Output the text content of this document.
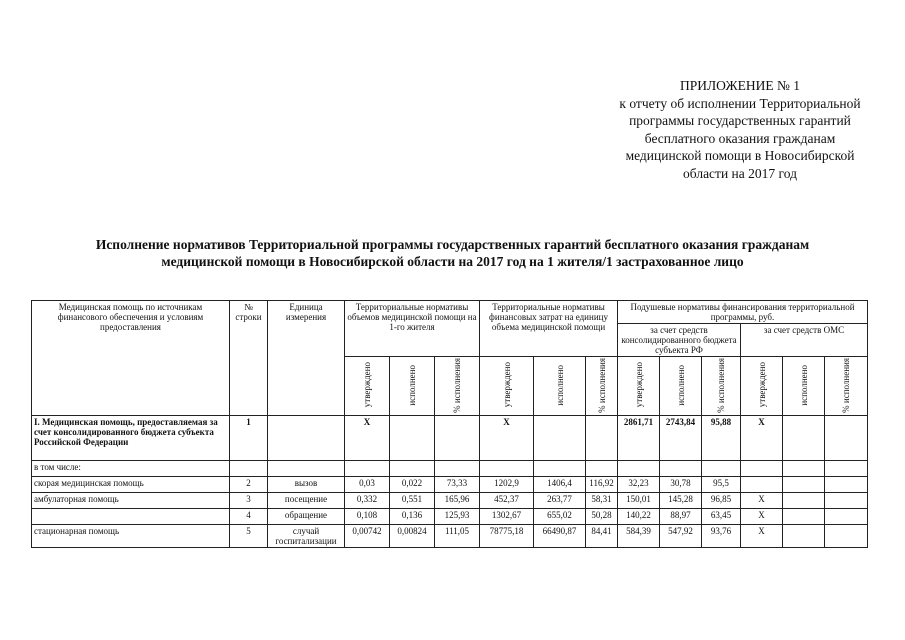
ПРИЛОЖЕНИЕ № 1
к отчету об исполнении Территориальной
программы государственных гарантий
бесплатного оказания гражданам
медицинской помощи в Новосибирской
области на 2017 год
Исполнение нормативов Территориальной программы государственных гарантий бесплатного оказания гражданам
медицинской помощи в Новосибирской области на 2017 год на 1 жителя/1 застрахованное лицо
Медицинская помощь по источникам финансового обеспечения и условиям предоставления	№ строки	Единица измерения	Территориальные нормативы объемов медицинской помощи на 1-го жителя			Территориальные нормативы финансовых затрат на единицу объема медицинской помощи			Подушевые нормативы финансирования территориальной программы, руб.					
									за счет средств консолидированного бюджета субъекта РФ			за счет средств ОМС		
			утверждено	исполнено	% исполнения	утверждено	исполнено	% исполнения	утверждено	исполнено	% исполнения	утверждено	исполнено	% исполнения
I. Медицинская помощь, предоставляемая за счет консолидированного бюджета субъекта Российской Федерации	1		X			X			2861,71	2743,84	95,88	X		
в том числе:														
скорая медицинская помощь	2	вызов	0,03	0,022	73,33	1202,9	1406,4	116,92	32,23	30,78	95,5			
амбулаторная помощь	3	посещение	0,332	0,551	165,96	452,37	263,77	58,31	150,01	145,28	96,85	X		
	4	обращение	0,108	0,136	125,93	1302,67	655,02	50,28	140,22	88,97	63,45	X		
стационарная помощь	5	случай госпитализации	0,00742	0,00824	111,05	78775,18	66490,87	84,41	584,39	547,92	93,76	X		
